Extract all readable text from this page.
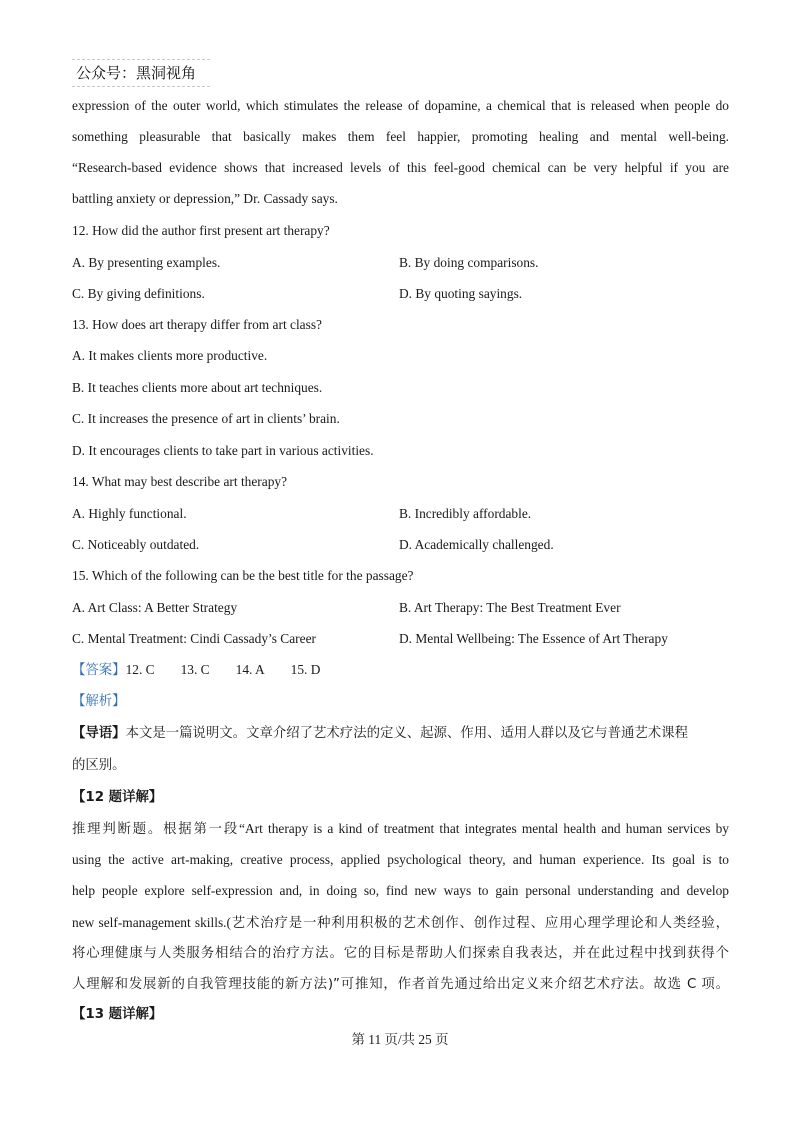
公众号：黑洞视角
expression of the outer world, which stimulates the release of dopamine, a chemical that is released when people do
something pleasurable that basically makes them feel happier, promoting healing and mental well-being.
“Research-based evidence shows that increased levels of this feel-good chemical can be very helpful if you are
battling anxiety or depression,” Dr. Cassady says.
12. How did the author first present art therapy?
A. By presenting examples.	B. By doing comparisons.
C. By giving definitions.	D. By quoting sayings.
13. How does art therapy differ from art class?
A. It makes clients more productive.
B. It teaches clients more about art techniques.
C. It increases the presence of art in clients’ brain.
D. It encourages clients to take part in various activities.
14. What may best describe art therapy?
A. Highly functional.	B. Incredibly affordable.
C. Noticeably outdated.	D. Academically challenged.
15. Which of the following can be the best title for the passage?
A. Art Class: A Better Strategy	B. Art Therapy: The Best Treatment Ever
C. Mental Treatment: Cindi Cassady’s Career	D. Mental Wellbeing: The Essence of Art Therapy
【答案】12. C 13. C 14. A 15. D
【解析】
【导语】本文是一篇说明文。文章介绍了艺术疗法的定义、起源、作用、适用人群以及它与普通艺术课程
的区别。
【12 题详解】
推理判断题。根据第一段“Art therapy is a kind of treatment that integrates mental health and human services by
using the active art-making, creative process, applied psychological theory, and human experience. Its goal is to
help people explore self-expression and, in doing so, find new ways to gain personal understanding and develop
new self-management skills.(艺术治疗是一种利用积极的艺术创作、创作过程、应用心理学理论和人类经验，
将心理健康与人类服务相结合的治疗方法。它的目标是帮助人们探索自我表达，并在此过程中找到获得个
人理解和发展新的自我管理技能的新方法)”可推知，作者首先通过给出定义来介绍艺术疗法。故选 C 项。
【13 题详解】
第 11 页/共 25 页
